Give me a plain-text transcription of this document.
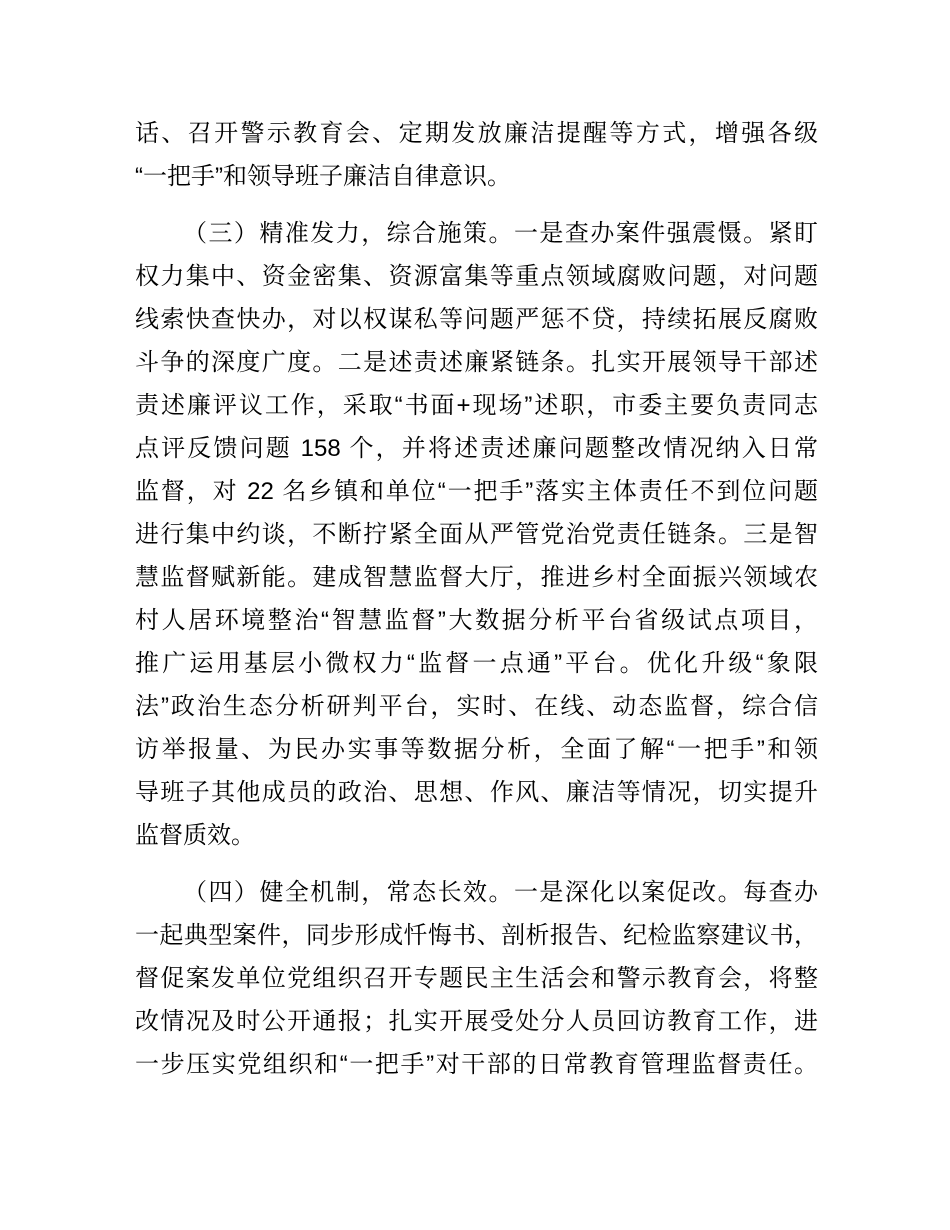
话、召开警示教育会、定期发放廉洁提醒等方式，增强各级
“一把手”和领导班子廉洁自律意识。
（三）精准发力，综合施策。一是查办案件强震慑。紧盯
权力集中、资金密集、资源富集等重点领域腐败问题，对问题
线索快查快办，对以权谋私等问题严惩不贷，持续拓展反腐败
斗争的深度广度。二是述责述廉紧链条。扎实开展领导干部述
责述廉评议工作，采取“书面+现场”述职，市委主要负责同志
点评反馈问题 158 个，并将述责述廉问题整改情况纳入日常
监督，对 22 名乡镇和单位“一把手”落实主体责任不到位问题
进行集中约谈，不断拧紧全面从严管党治党责任链条。三是智
慧监督赋新能。建成智慧监督大厅，推进乡村全面振兴领域农
村人居环境整治“智慧监督”大数据分析平台省级试点项目，
推广运用基层小微权力“监督一点通”平台。优化升级“象限
法”政治生态分析研判平台，实时、在线、动态监督，综合信
访举报量、为民办实事等数据分析，全面了解“一把手”和领
导班子其他成员的政治、思想、作风、廉洁等情况，切实提升
监督质效。
（四）健全机制，常态长效。一是深化以案促改。每查办
一起典型案件，同步形成忏悔书、剖析报告、纪检监察建议书，
督促案发单位党组织召开专题民主生活会和警示教育会，将整
改情况及时公开通报；扎实开展受处分人员回访教育工作，进
一步压实党组织和“一把手”对干部的日常教育管理监督责任。
